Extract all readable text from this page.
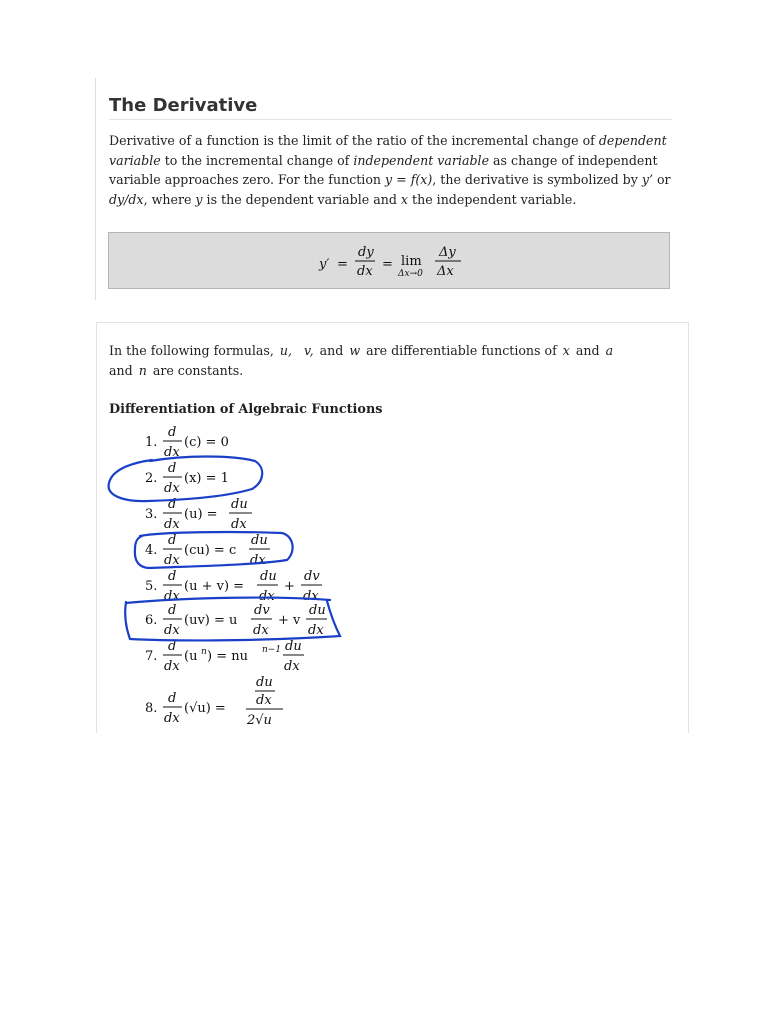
The Derivative
Derivative of a function is the limit of the ratio of the incremental change of dependent variable to the incremental change of independent variable as change of independent variable approaches zero. For the function y = f(x), the derivative is symbolized by y’ or dy/dx, where y is the dependent variable and x the independent variable.
y′ =
dy
dx = lim
Δx→0
Δy
Δx
In the following formulas, u, v, and w are differentiable functions of x and a
and n are constants.
Differentiation of Algebraic Functions
1.
d
dx
(c) = 0
2.
d
dx
(x) = 1
3.
d
dx
(u) =
du
dx
4.
d
dx
(cu) = c
du
dx
5.
d
dx
(u + v) =
du
dx
+
dv
dx
6.
d
dx
(uv) = u
dv
dx
+ v
du
dx
7.
d
dx
(u n ) = nu n−1 du
dx
8.
d
dx
(√u) =
du
dx
2√u
